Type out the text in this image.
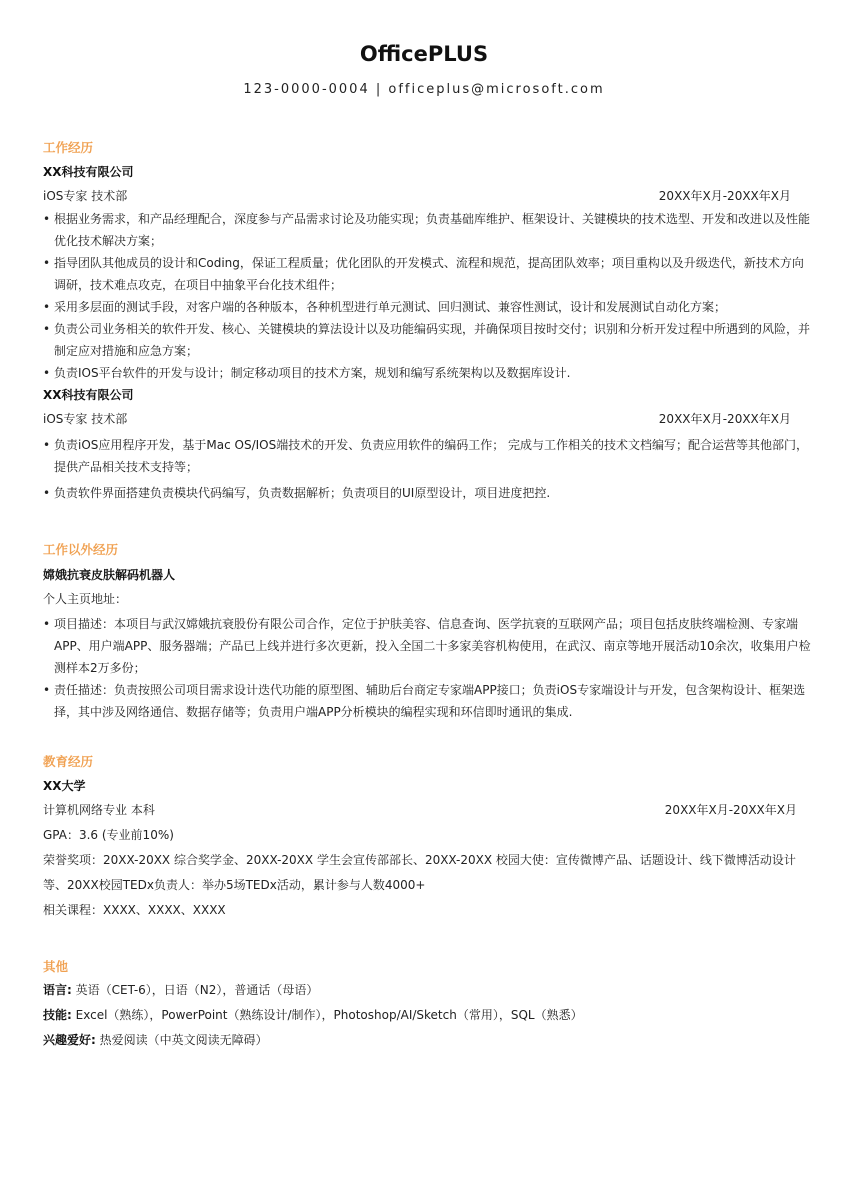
OfficePLUS
123-0000-0004 | officeplus@microsoft.com
工作经历
XX科技有限公司
iOS专家 技术部	20XX年X月-20XX年X月
• 根据业务需求，和产品经理配合，深度参与产品需求讨论及功能实现；负责基础库维护、框架设计、关键模块的技术选型、开发和改进以及性能优化技术解决方案；
• 指导团队其他成员的设计和Coding，保证工程质量；优化团队的开发模式、流程和规范，提高团队效率；项目重构以及升级迭代，新技术方向调研，技术难点攻克，在项目中抽象平台化技术组件；
• 采用多层面的测试手段，对客户端的各种版本，各种机型进行单元测试、回归测试、兼容性测试，设计和发展测试自动化方案；
• 负责公司业务相关的软件开发、核心、关键模块的算法设计以及功能编码实现，并确保项目按时交付；识别和分析开发过程中所遇到的风险，并制定应对措施和应急方案；
• 负责IOS平台软件的开发与设计；制定移动项目的技术方案，规划和编写系统架构以及数据库设计.
XX科技有限公司
iOS专家 技术部	20XX年X月-20XX年X月
• 负责iOS应用程序开发，基于Mac OS/IOS端技术的开发、负责应用软件的编码工作； 完成与工作相关的技术文档编写；配合运营等其他部门，提供产品相关技术支持等；
• 负责软件界面搭建负责模块代码编写，负责数据解析；负责项目的UI原型设计，项目进度把控.
工作以外经历
嫦娥抗衰皮肤解码机器人
个人主页地址：
• 项目描述：本项目与武汉嫦娥抗衰股份有限公司合作，定位于护肤美容、信息查询、医学抗衰的互联网产品；项目包括皮肤终端检测、专家端APP、用户端APP、服务器端；产品已上线并进行多次更新，投入全国二十多家美容机构使用，在武汉、南京等地开展活动10余次，收集用户检测样本2万多份；
• 责任描述：负责按照公司项目需求设计迭代功能的原型图、辅助后台商定专家端APP接口；负责iOS专家端设计与开发，包含架构设计、框架选择，其中涉及网络通信、数据存储等；负责用户端APP分析模块的编程实现和环信即时通讯的集成.
教育经历
XX大学
计算机网络专业 本科	20XX年X月-20XX年X月
GPA：3.6 (专业前10%)
荣誉奖项：20XX-20XX 综合奖学金、20XX-20XX 学生会宣传部部长、20XX-20XX 校园大使：宣传微博产品、话题设计、线下微博活动设计等、20XX校园TEDx负责人：举办5场TEDx活动，累计参与人数4000+
相关课程：XXXX、XXXX、XXXX
其他
语言: 英语（CET-6），日语（N2），普通话（母语）
技能: Excel（熟练），PowerPoint（熟练设计/制作），Photoshop/AI/Sketch（常用），SQL（熟悉）
兴趣爱好: 热爱阅读（中英文阅读无障碍）
